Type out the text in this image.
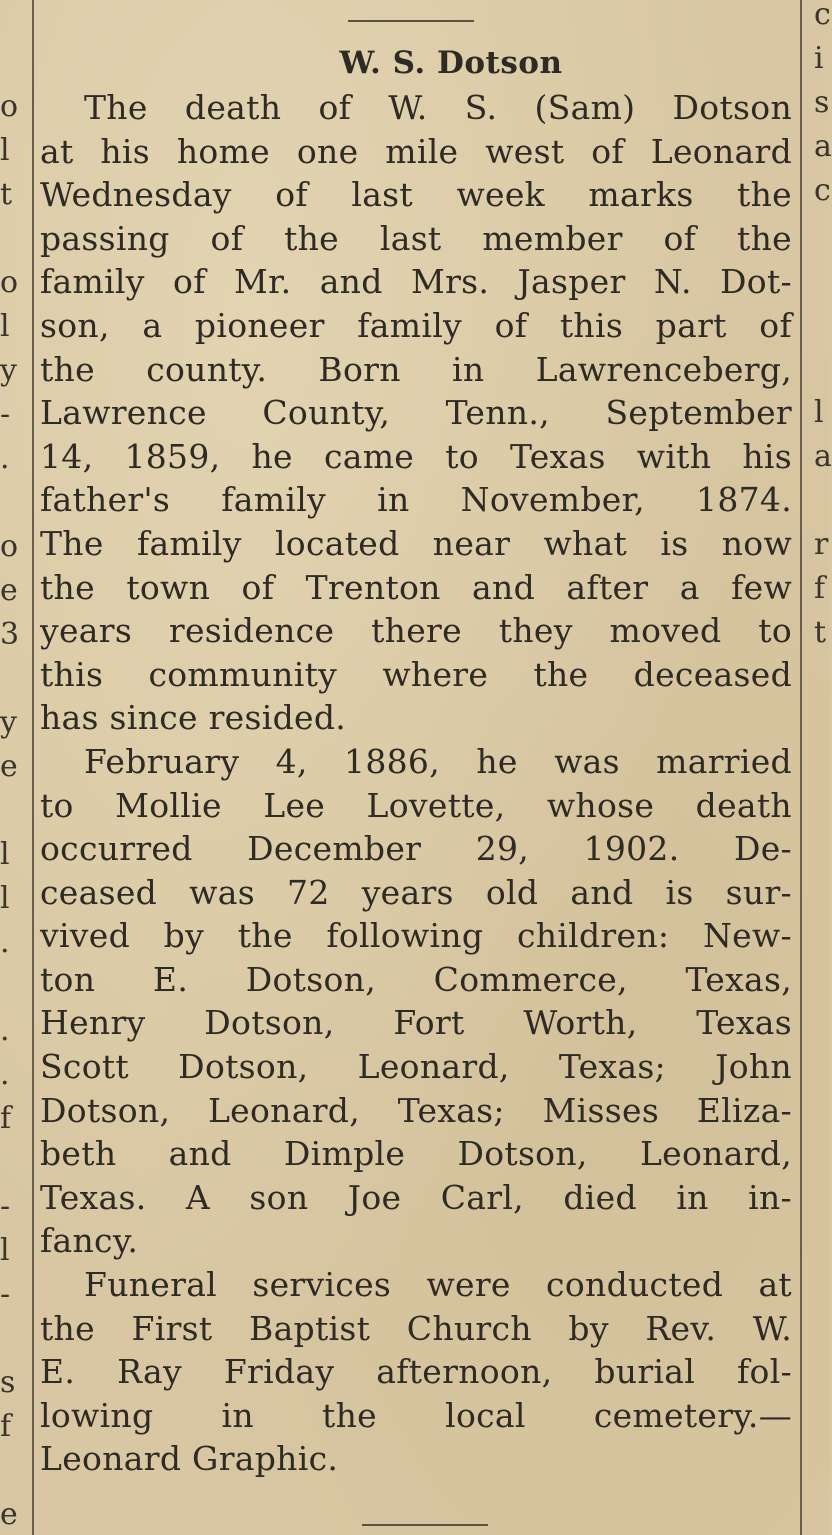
o
l
t
o
l
y
-
.
o
e
3
y
e
l
l
.
.
.
f
-
l
-
s
f
e
c
i
s
a
c
l
a
r
f
t
W. S. Dotson
The death of W. S. (Sam) Dotson
at his home one mile west of Leonard
Wednesday of last week marks the
passing of the last member of the
family of Mr. and Mrs. Jasper N. Dot-
son, a pioneer family of this part of
the county. Born in Lawrenceberg,
Lawrence County, Tenn., September
14, 1859, he came to Texas with his
father's family in November, 1874.
The family located near what is now
the town of Trenton and after a few
years residence there they moved to
this community where the deceased
has since resided.
February 4, 1886, he was married
to Mollie Lee Lovette, whose death
occurred December 29, 1902. De-
ceased was 72 years old and is sur-
vived by the following children: New-
ton E. Dotson, Commerce, Texas,
Henry Dotson, Fort Worth, Texas
Scott Dotson, Leonard, Texas; John
Dotson, Leonard, Texas; Misses Eliza-
beth and Dimple Dotson, Leonard,
Texas. A son Joe Carl, died in in-
fancy.
Funeral services were conducted at
the First Baptist Church by Rev. W.
E. Ray Friday afternoon, burial fol-
lowing in the local cemetery.—
Leonard Graphic.
